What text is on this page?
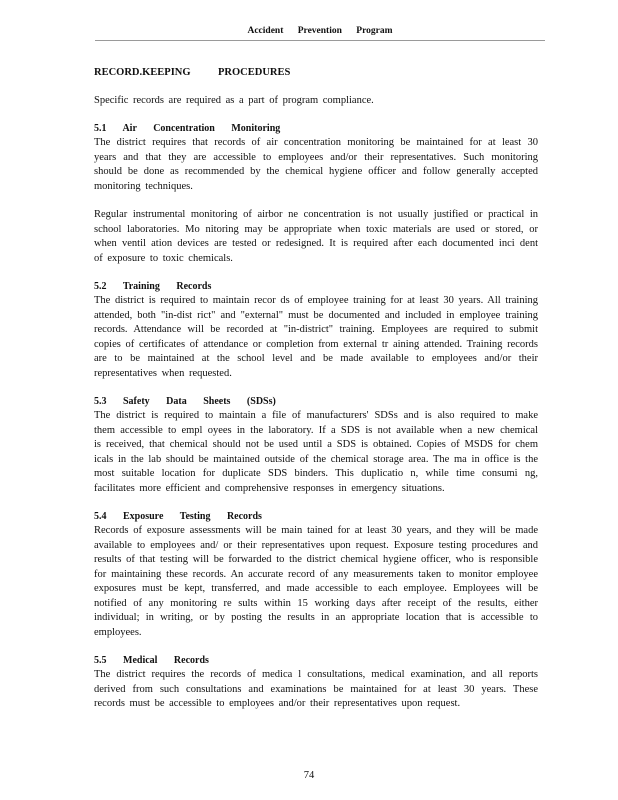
Accident Prevention Program
RECORD.KEEPING	PROCEDURES
Specific records are required as a part of program compliance.
5.1 Air Concentration Monitoring
The district requires that records of air concentration monitoring be maintained for at least 30 years and that they are accessible to employees and/or their representatives. Such monitoring should be done as recommended by the chemical hygiene officer and follow generally accepted monitoring techniques.
Regular instrumental monitoring of airbor ne concentration is not usually justified or practical in school laboratories. Mo nitoring may be appropriate when toxic materials are used or stored, or when ventil ation devices are tested or redesigned. It is required after each documented inci dent of exposure to toxic chemicals.
5.2 Training Records
The district is required to maintain recor ds of employee training for at least 30 years. All training attended, both "in-dist rict" and "external" must be documented and included in employee training records. Attendance will be recorded at "in-district" training. Employees are required to submit copies of certificates of attendance or completion from external tr aining attended. Training records are to be maintained at the school level and be made available to employees and/or their representatives when requested.
5.3 Safety Data Sheets (SDSs)
The district is required to maintain a file of manufacturers' SDSs and is also required to make them accessible to empl oyees in the laboratory. If a SDS is not available when a new chemical is received, that chemical should not be used until a SDS is obtained. Copies of MSDS for chem icals in the lab should be maintained outside of the chemical storage area. The ma in office is the most suitable location for duplicate SDS binders. This duplicatio n, while time consumi ng, facilitates more efficient and comprehensive responses in emergency situations.
5.4 Exposure Testing Records
Records of exposure assessments will be main tained for at least 30 years, and they will be made available to employees and/ or their representatives upon request. Exposure testing procedures and results of that testing will be forwarded to the district chemical hygiene officer, who is responsible for maintaining these records. An accurate record of any measurements taken to monitor employee exposures must be kept, transferred, and made accessible to each employee. Employees will be notified of any monitoring re sults within 15 working days after receipt of the results, either individual; in writing, or by posting the results in an appropriate location that is accessible to employees.
5.5 Medical Records
The district requires the records of medica l consultations, medical examination, and all reports derived from such consultations and examinations be maintained for at least 30 years. These records must be accessible to employees and/or their representatives upon request.
74
